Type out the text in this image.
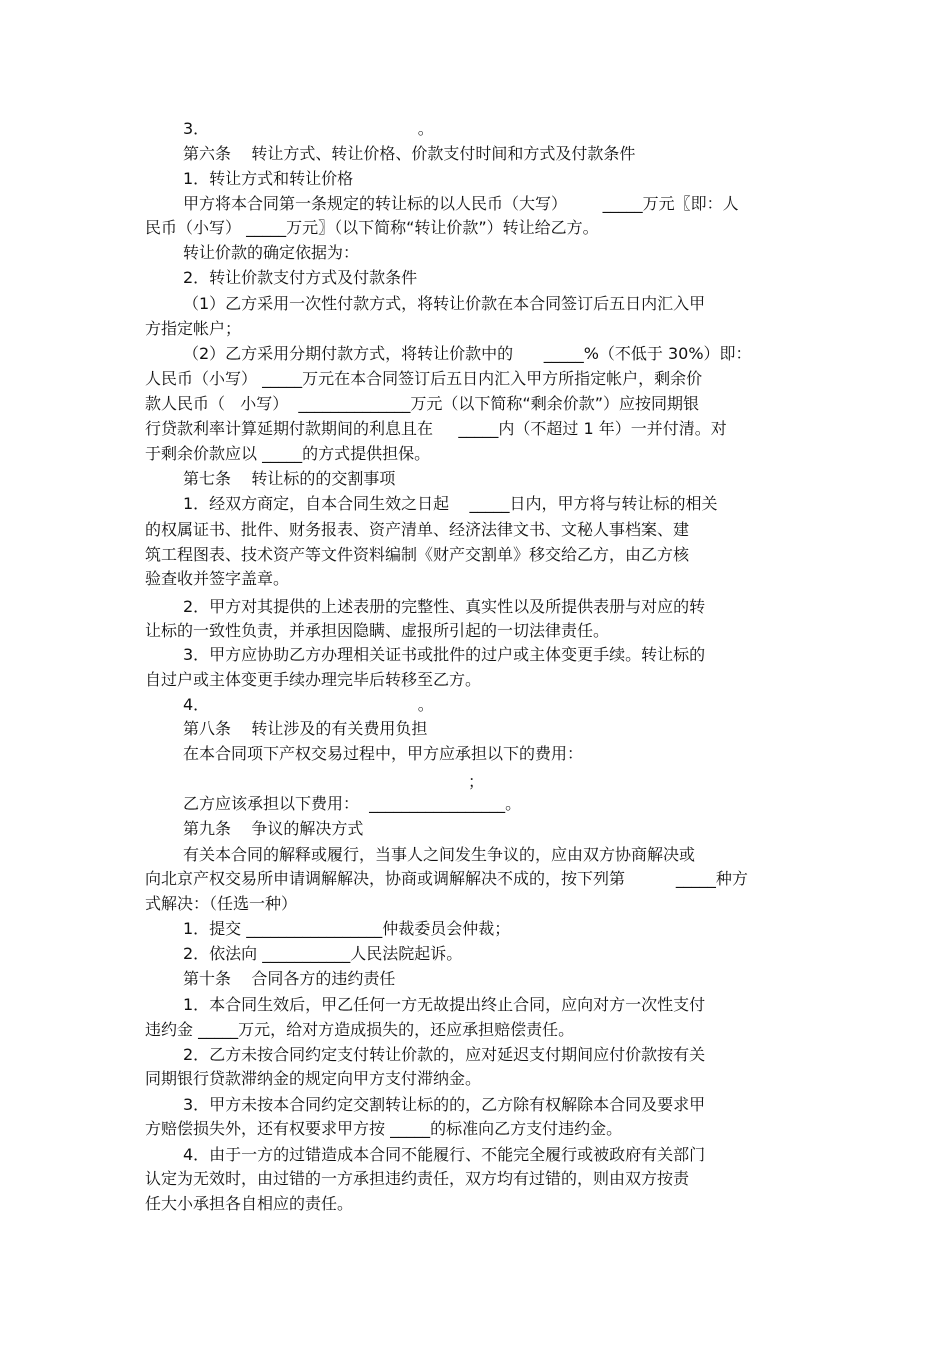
3．                                         。
第六条    转让方式、转让价格、价款支付时间和方式及付款条件
1．转让方式和转让价格
甲方将本合同第一条规定的转让标的以人民币（大写）       _____万元〖即：人
民币（小写） _____万元〗（以下简称“转让价款”）转让给乙方。
转让价款的确定依据为：
2．转让价款支付方式及付款条件
（1）乙方采用一次性付款方式，将转让价款在本合同签订后五日内汇入甲
方指定帐户；
（2）乙方采用分期付款方式，将转让价款中的      _____%（不低于 30%）即：
人民币（小写） _____万元在本合同签订后五日内汇入甲方所指定帐户，剩余价
款人民币（   小写）  ______________万元（以下简称“剩余价款”）应按同期银
行贷款利率计算延期付款期间的利息且在     _____内（不超过 1 年）一并付清。对
于剩余价款应以 _____的方式提供担保。
第七条    转让标的的交割事项
1．经双方商定，自本合同生效之日起    _____日内，甲方将与转让标的相关
的权属证书、批件、财务报表、资产清单、经济法律文书、文秘人事档案、建
筑工程图表、技术资产等文件资料编制《财产交割单》移交给乙方，由乙方核
验查收并签字盖章。
2．甲方对其提供的上述表册的完整性、真实性以及所提供表册与对应的转
让标的一致性负责，并承担因隐瞒、虚报所引起的一切法律责任。
3．甲方应协助乙方办理相关证书或批件的过户或主体变更手续。转让标的
自过户或主体变更手续办理完毕后转移至乙方。
4．                                         。
第八条    转让涉及的有关费用负担
在本合同项下产权交易过程中，甲方应承担以下的费用：
；
乙方应该承担以下费用：  _________________。
第九条    争议的解决方式
有关本合同的解释或履行，当事人之间发生争议的，应由双方协商解决或
向北京产权交易所申请调解解决，协商或调解解决不成的，按下列第          _____种方
式解决：（任选一种）
1．提交 _________________仲裁委员会仲裁；
2．依法向 ___________人民法院起诉。
第十条    合同各方的违约责任
1．本合同生效后，甲乙任何一方无故提出终止合同，应向对方一次性支付
违约金 _____万元，给对方造成损失的，还应承担赔偿责任。
2．乙方未按合同约定支付转让价款的，应对延迟支付期间应付价款按有关
同期银行贷款滞纳金的规定向甲方支付滞纳金。
3．甲方未按本合同约定交割转让标的的，乙方除有权解除本合同及要求甲
方赔偿损失外，还有权要求甲方按 _____的标准向乙方支付违约金。
4．由于一方的过错造成本合同不能履行、不能完全履行或被政府有关部门
认定为无效时，由过错的一方承担违约责任，双方均有过错的，则由双方按责
任大小承担各自相应的责任。
